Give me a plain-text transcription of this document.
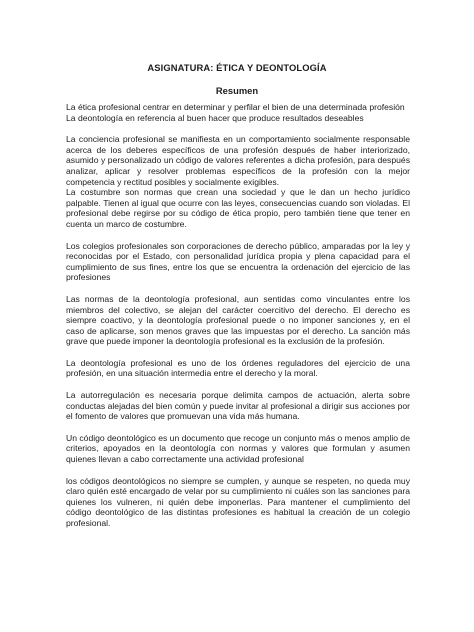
ASIGNATURA: ÉTICA Y DEONTOLOGÍA
Resumen

La ética profesional centrar en determinar y perfilar el bien de una determinada profesión

La deontología en referencia al buen hacer que produce resultados deseables

La conciencia profesional se manifiesta en un comportamiento socialmente responsable acerca de los deberes específicos de una profesión después de haber interiorizado, asumido y personalizado un código de valores referentes a dicha profesión, para después analizar, aplicar y resolver problemas específicos de la profesión con la mejor competencia y rectitud posibles y socialmente exigibles.

La costumbre son normas que crean una sociedad y que le dan un hecho jurídico palpable. Tienen al igual que ocurre con las leyes, consecuencias cuando son violadas. El profesional debe regirse por su código de ética propio, pero también tiene que tener en cuenta un marco de costumbre.

Los colegios profesionales son corporaciones de derecho público, amparadas por la ley y reconocidas por el Estado, con personalidad jurídica propia y plena capacidad para el cumplimiento de sus fines, entre los que se encuentra la ordenación del ejercicio de las profesiones

Las normas de la deontología profesional, aun sentidas como vinculantes entre los miembros del colectivo, se alejan del carácter coercitivo del derecho. El derecho es siempre coactivo, y la deontología profesional puede o no imponer sanciones y, en el caso de aplicarse, son menos graves que las impuestas por el derecho. La sanción más grave que puede imponer la deontología profesional es la exclusión de la profesión.

La deontología profesional es uno de los órdenes reguladores del ejercicio de una profesión, en una situación intermedia entre el derecho y la moral.

La autorregulación es necesaria porque delimita campos de actuación, alerta sobre conductas alejadas del bien común y puede invitar al profesional a dirigir sus acciones por el fomento de valores que promuevan una vida más humana.

Un código deontológico es un documento que recoge un conjunto más o menos amplio de criterios, apoyados en la deontología con normas y valores que formulan y asumen quienes llevan a cabo correctamente una actividad profesional

los códigos deontológicos no siempre se cumplen, y aunque se respeten, no queda muy claro quién esté encargado de velar por su cumplimiento ni cuáles son las sanciones para quienes los vulneren, ni quién debe imponerlas. Para mantener el cumplimiento del código deontológico de las distintas profesiones es habitual la creación de un colegio profesional.
